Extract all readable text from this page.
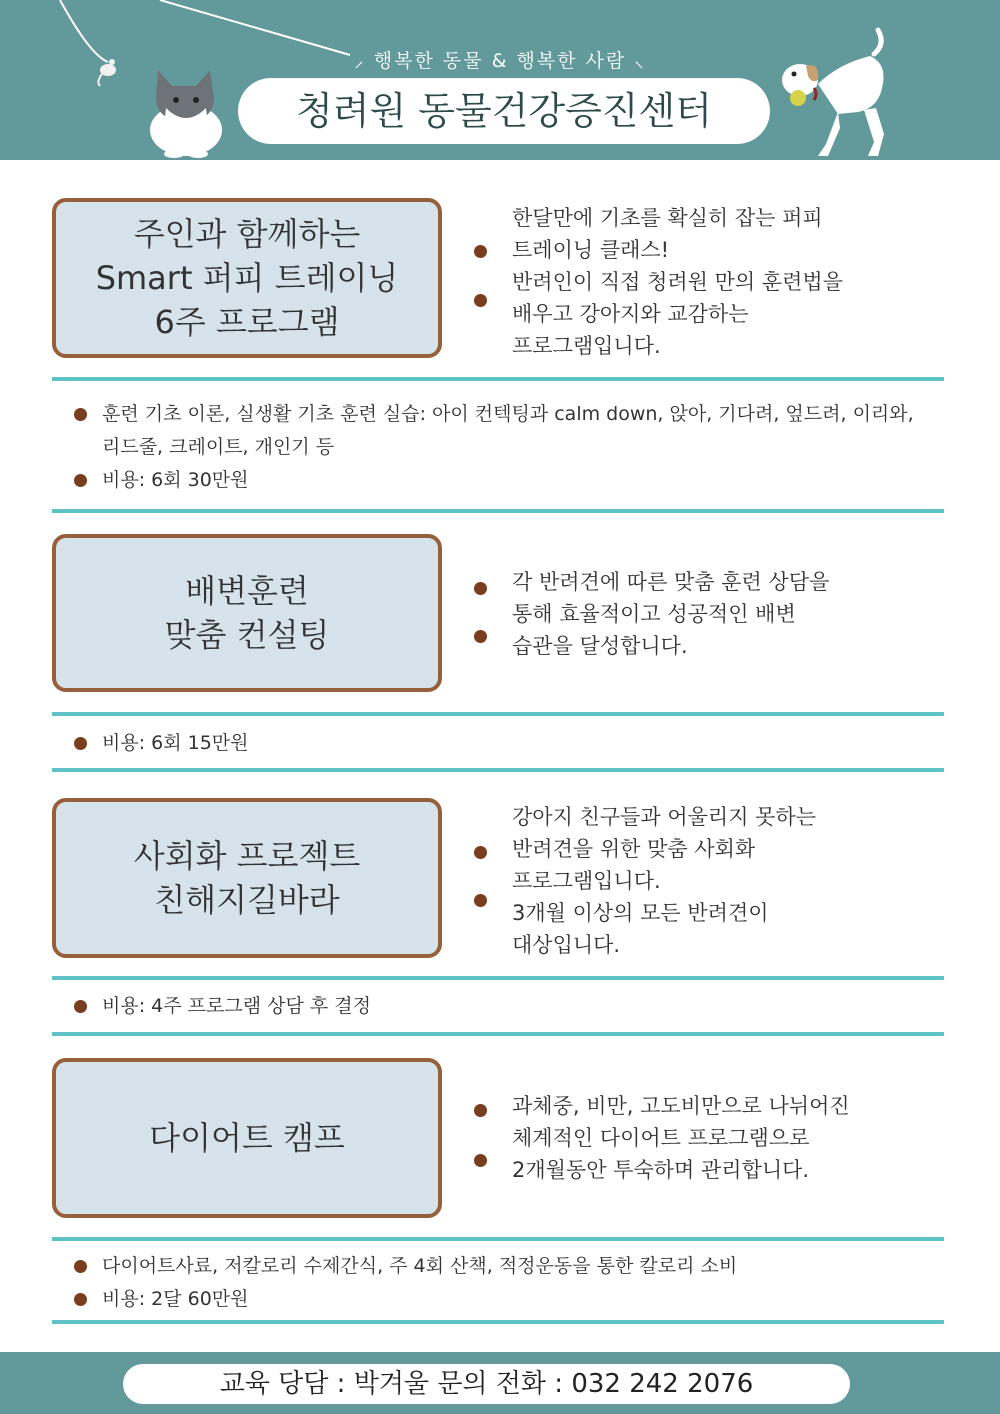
⸝ 행복한 동물 & 행복한 사람 ⸜
청려원 동물건강증진센터
주인과 함께하는
Smart 퍼피 트레이닝
6주 프로그램
한달만에 기초를 확실히 잡는 퍼피
트레이닝 클래스!
반려인이 직접 청려원 만의 훈련법을
배우고 강아지와 교감하는
프로그램입니다.
훈련 기초 이론, 실생활 기초 훈련 실습: 아이 컨텍팅과 calm down, 앉아, 기다려, 엎드려, 이리와, 리드줄, 크레이트, 개인기 등
비용: 6회 30만원
배변훈련
맞춤 컨설팅
각 반려견에 따른 맞춤 훈련 상담을
통해 효율적이고 성공적인 배변
습관을 달성합니다.
비용: 6회 15만원
사회화 프로젝트
친해지길바라
강아지 친구들과 어울리지 못하는
반려견을 위한 맞춤 사회화
프로그램입니다.
3개월 이상의 모든 반려견이
대상입니다.
비용: 4주 프로그램 상담 후 결정
다이어트 캠프
과체중, 비만, 고도비만으로 나뉘어진
체계적인 다이어트 프로그램으로
2개월동안 투숙하며 관리합니다.
다이어트사료, 저칼로리 수제간식, 주 4회 산책, 적정운동을 통한 칼로리 소비
비용: 2달 60만원
교육 당담 : 박겨울 문의 전화 : 032 242 2076
